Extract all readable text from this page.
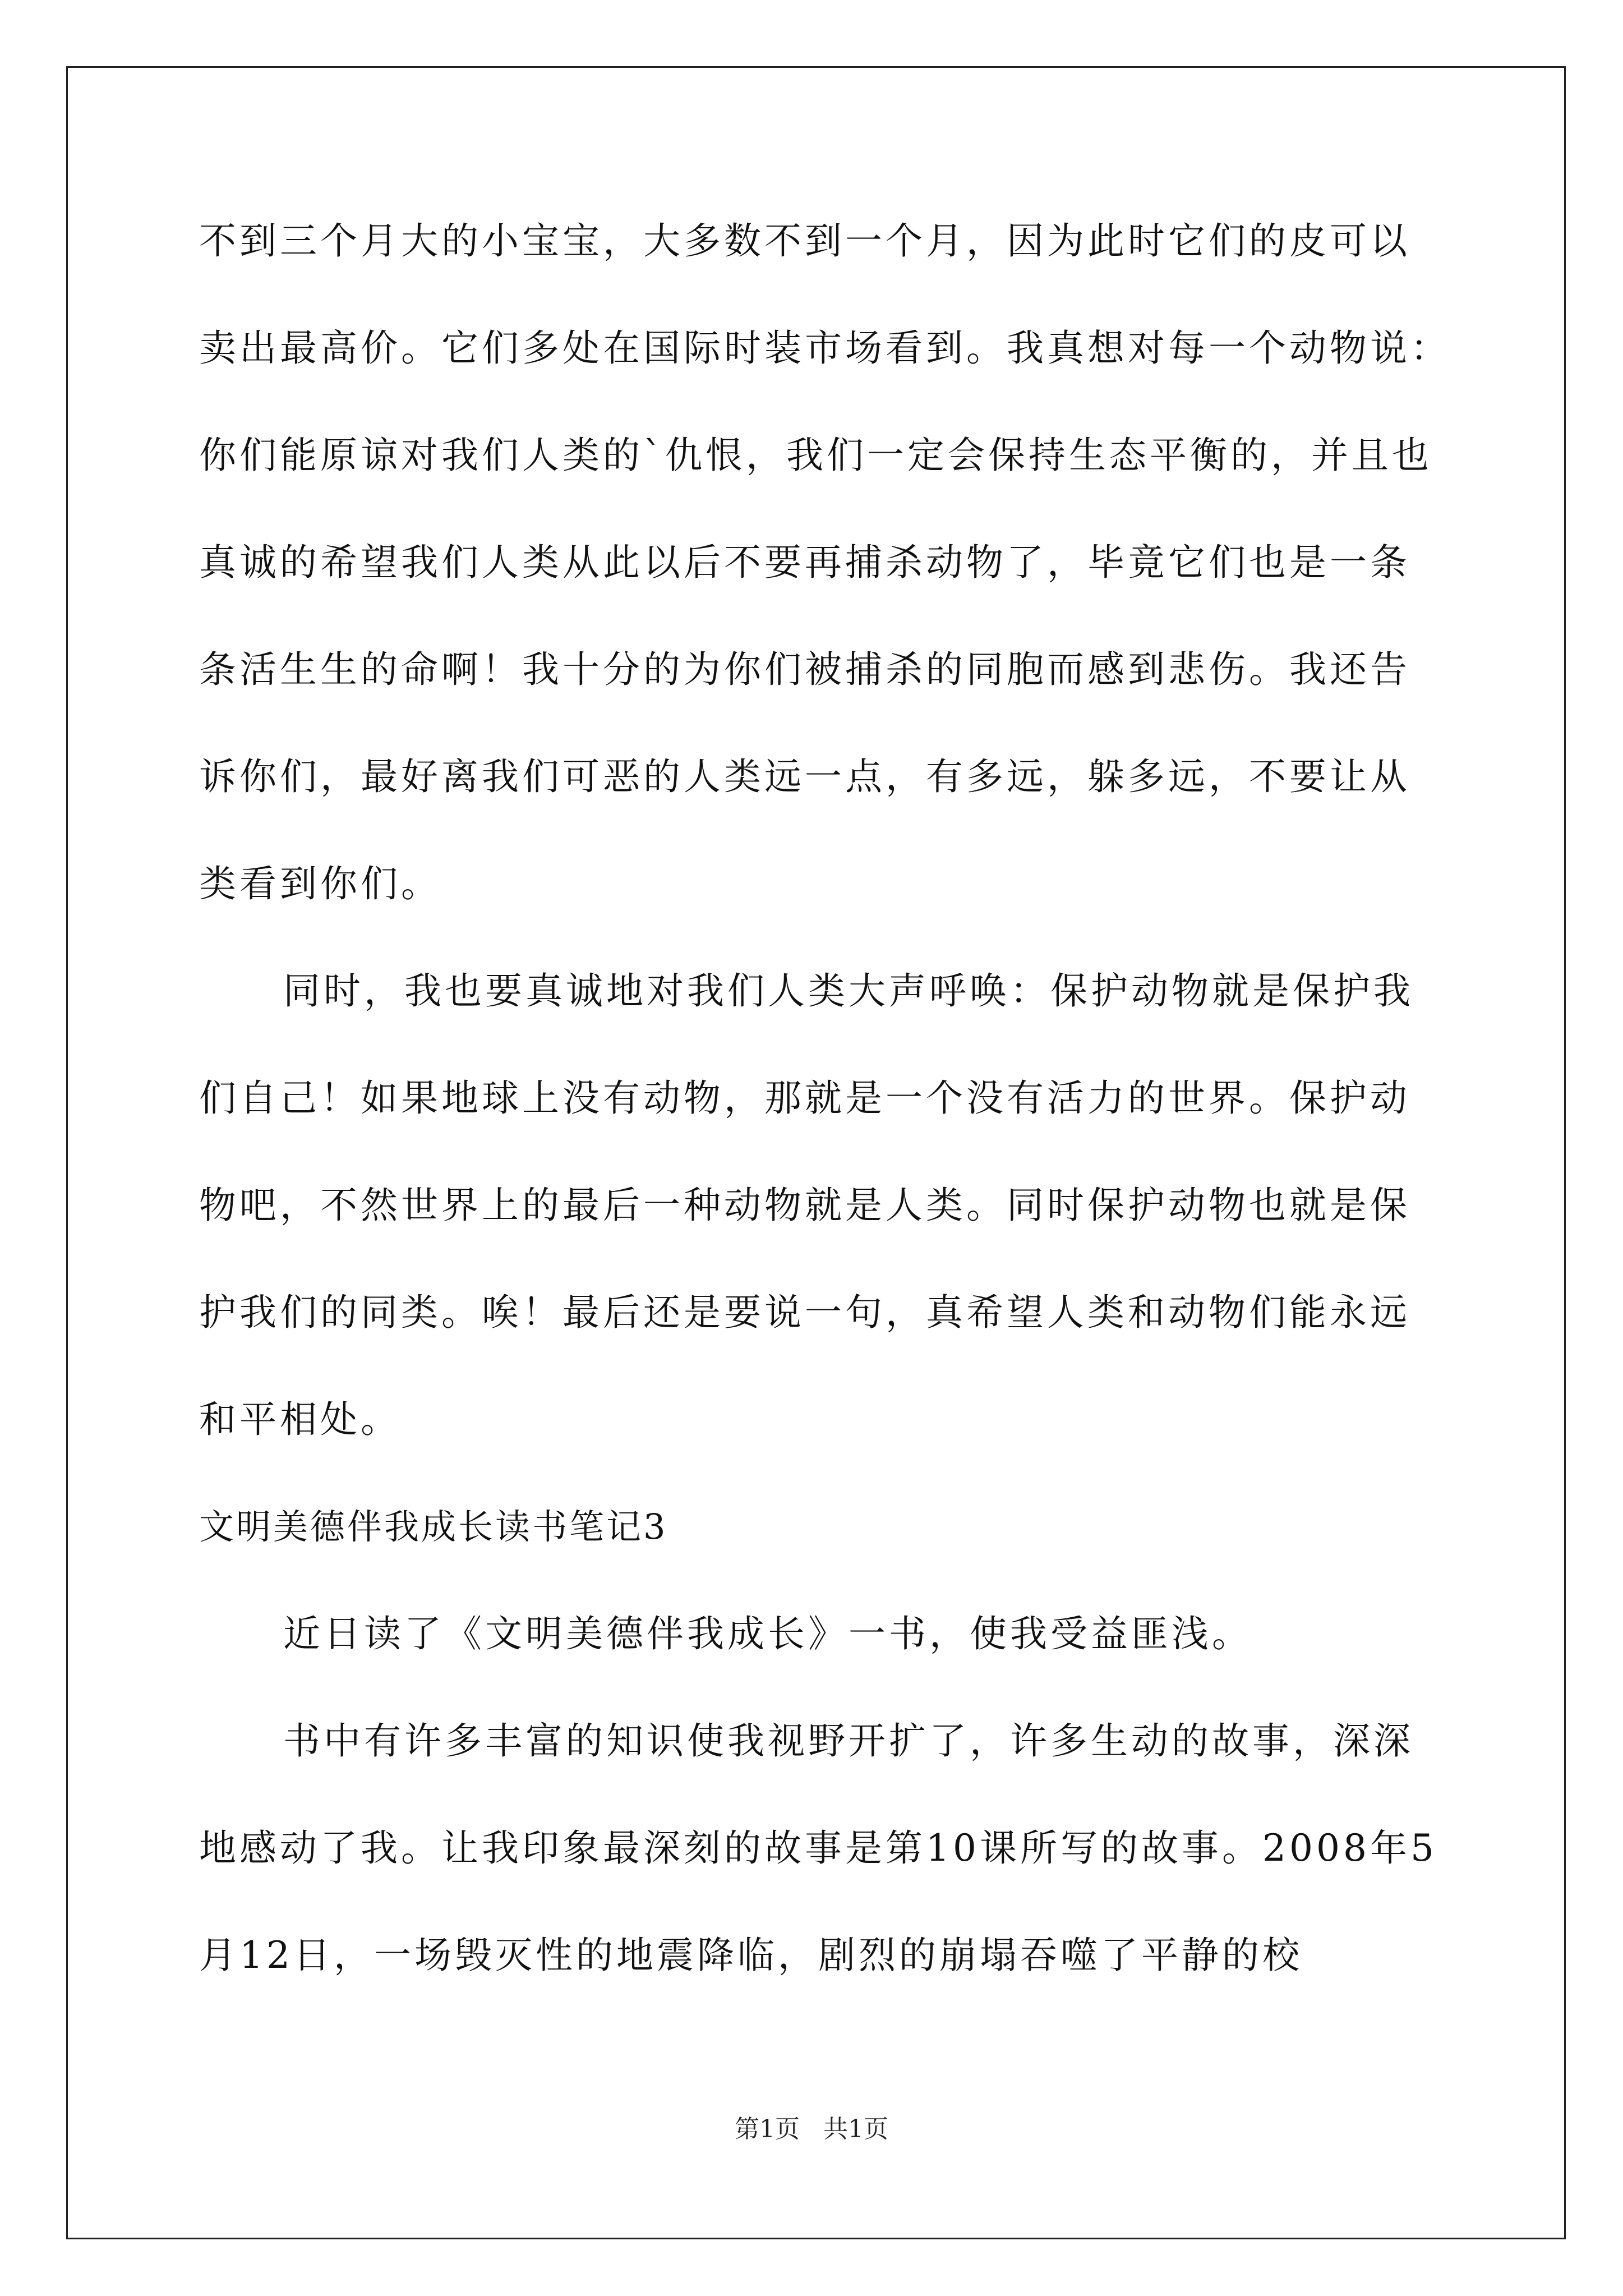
不到三个月大的小宝宝，大多数不到一个月，因为此时它们的皮可以
卖出最高价。它们多处在国际时装市场看到。我真想对每一个动物说：
你们能原谅对我们人类的`仇恨，我们一定会保持生态平衡的，并且也
真诚的希望我们人类从此以后不要再捕杀动物了，毕竟它们也是一条
条活生生的命啊！我十分的为你们被捕杀的同胞而感到悲伤。我还告
诉你们，最好离我们可恶的人类远一点，有多远，躲多远，不要让从
类看到你们。
同时，我也要真诚地对我们人类大声呼唤：保护动物就是保护我
们自己！如果地球上没有动物，那就是一个没有活力的世界。保护动
物吧，不然世界上的最后一种动物就是人类。同时保护动物也就是保
护我们的同类。唉！最后还是要说一句，真希望人类和动物们能永远
和平相处。
文明美德伴我成长读书笔记3
近日读了《文明美德伴我成长》一书，使我受益匪浅。
书中有许多丰富的知识使我视野开扩了，许多生动的故事，深深
地感动了我。让我印象最深刻的故事是第10课所写的故事。2008年5
月12日，一场毁灭性的地震降临，剧烈的崩塌吞噬了平静的校
第1页   共1页
